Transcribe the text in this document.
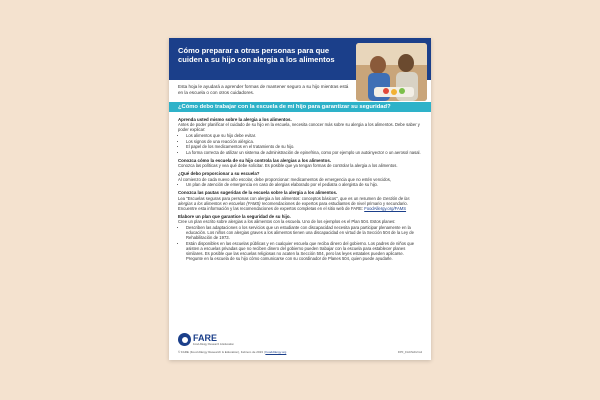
Cómo preparar a otras personas para que cuiden a su hijo con alergia a los alimentos
Esta hoja le ayudará a aprender formas de mantener seguro a su hijo mientras está en la escuela o con otros cuidadores.
¿Cómo debo trabajar con la escuela de mi hijo para garantizar su seguridad?
Aprenda usted mismo sobre la alergia a los alimentos.

Antes de poder planificar el cuidado de su hijo en la escuela, necesita conocer más sobre su alergia a los alimentos. Debe saber y poder explicar:

• Los alimentos que su hijo debe evitar.
• Los signos de una reacción alérgica.
• El papel de los medicamentos en el tratamiento de su hijo.
• La forma correcta de utilizar un sistema de administración de epinefrina, como por ejemplo un autoinyector o un aerosol nasal.
Conozca cómo la escuela de su hijo controla las alergias a los alimentos.

Conozca las políticas y vea qué debe solicitar. Es posible que ya tengan formas de controlar la alergia a los alimentos.

¿Qué debo proporcionar a su escuela?

Al comienzo de cada nuevo año escolar, debe proporcionar: medicamentos de emergencia que no estén vencidos,

• Un plan de atención de emergencia en caso de alergias elaborado por el pediatra o alergista de su hijo.
Conozca las pautas sugeridas de la escuela sobre la alergia a los alimentos.

Lea "Escuelas seguras para personas con alergia a los alimentos: conceptos básicos", que es un resumen de Gestión de las alergias a los alimentos en escuelas (FAMS) recomendaciones de expertos para estudiantes de nivel primario y secundario. Encuentre esta información y las recomendaciones de expertos completas en el sitio web de FARE: FoodAllergy.org/FAMS

Elabore un plan que garantice la seguridad de su hijo.

Cree un plan escrito sobre alergias a los alimentos con la escuela. Uno de los ejemplos es el Plan 504. Estos planes:

• Describen las adaptaciones o los servicios que un estudiante con discapacidad necesita para participar plenamente en la educación. Los niños con alergias graves a los alimentos tienen una discapacidad en virtud de la Sección 504 de la Ley de Rehabilitación de 1973.
• Están disponibles en las escuelas públicas y en cualquier escuela que reciba dinero del gobierno. Los padres de niños que asisten a escuelas privadas que no reciben dinero del gobierno pueden trabajar con la escuela para establecer planes similares. Es posible que las escuelas religiosas no acaten la Sección 504, pero las leyes estatales pueden aplicarse. Pregunte en la escuela de su hijo cómo comunicarse con su coordinador de Planes 504, quien puede ayudarle.
FARE
Food Allergy Research & Education
© FARE (Food Allergy Research & Education), Febrero de 2023 | FoodAllergy.org	FPF_FACSch2m4
